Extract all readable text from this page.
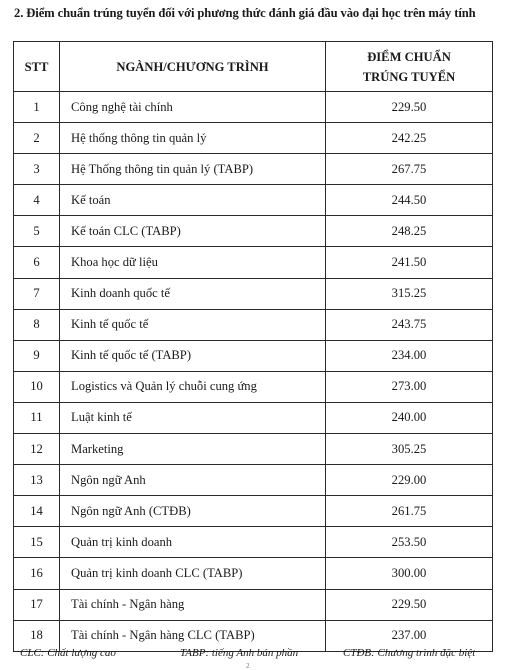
2. Điểm chuẩn trúng tuyển đối với phương thức đánh giá đầu vào đại học trên máy tính
STT	NGÀNH/CHƯƠNG TRÌNH	ĐIỂM CHUẨN
TRÚNG TUYỂN

1	Công nghệ tài chính	229.50
2	Hệ thống thông tin quản lý	242.25
3	Hệ Thống thông tin quản lý (TABP)	267.75
4	Kế toán	244.50
5	Kế toán CLC (TABP)	248.25
6	Khoa học dữ liệu	241.50
7	Kinh doanh quốc tế	315.25
8	Kinh tế quốc tế	243.75
9	Kinh tế quốc tế (TABP)	234.00
10	Logistics và Quản lý chuỗi cung ứng	273.00
11	Luật kinh tế	240.00
12	Marketing	305.25
13	Ngôn ngữ Anh	229.00
14	Ngôn ngữ Anh (CTĐB)	261.75
15	Quản trị kinh doanh	253.50
16	Quản trị kinh doanh CLC (TABP)	300.00
17	Tài chính - Ngân hàng	229.50
18	Tài chính - Ngân hàng CLC (TABP)	237.00
CLC: Chất lượng cao	TABP: tiếng Anh bán phần	CTĐB: Chương trình đặc biệt
2
